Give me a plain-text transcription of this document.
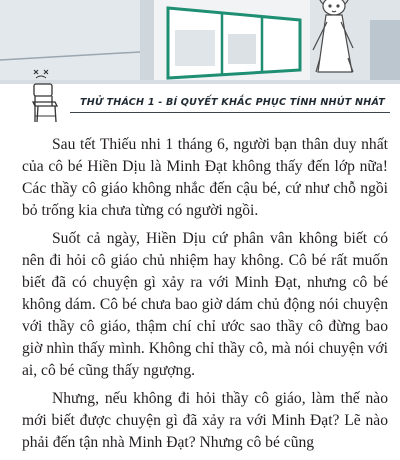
THỬ THÁCH 1 - BÍ QUYẾT KHẮC PHỤC TÍNH NHÚT NHÁT

Sau tết Thiếu nhi 1 tháng 6, người bạn thân duy nhất của cô bé Hiền Dịu là Minh Đạt không thấy đến lớp nữa! Các thầy cô giáo không nhắc đến cậu bé, cứ như chỗ ngồi bỏ trống kia chưa từng có người ngồi.

Suốt cả ngày, Hiền Dịu cứ phân vân không biết có nên đi hỏi cô giáo chủ nhiệm hay không. Cô bé rất muốn biết đã có chuyện gì xảy ra với Minh Đạt, nhưng cô bé không dám. Cô bé chưa bao giờ dám chủ động nói chuyện với thầy cô giáo, thậm chí chỉ ước sao thầy cô đừng bao giờ nhìn thấy mình. Không chỉ thầy cô, mà nói chuyện với ai, cô bé cũng thấy ngượng.

Nhưng, nếu không đi hỏi thầy cô giáo, làm thế nào mới biết được chuyện gì đã xảy ra với Minh Đạt? Lẽ nào phải đến tận nhà Minh Đạt? Nhưng cô bé cũng
